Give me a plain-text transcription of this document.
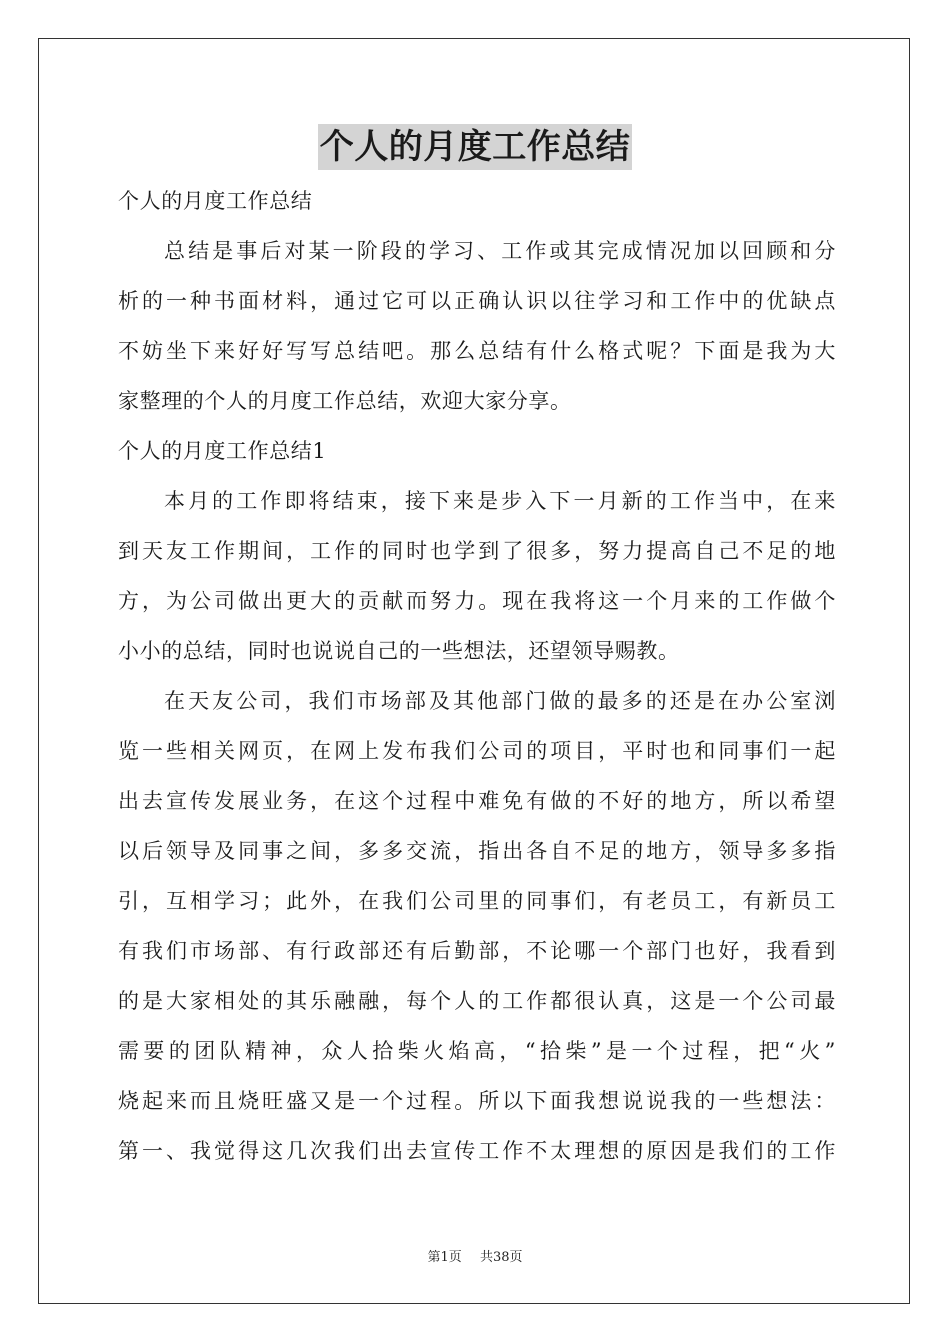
个人的月度工作总结
个人的月度工作总结
总结是事后对某一阶段的学习、工作或其完成情况加以回顾和分
析的一种书面材料，通过它可以正确认识以往学习和工作中的优缺点
不妨坐下来好好写写总结吧。那么总结有什么格式呢？下面是我为大
家整理的个人的月度工作总结，欢迎大家分享。
个人的月度工作总结1
本月的工作即将结束，接下来是步入下一月新的工作当中，在来
到天友工作期间，工作的同时也学到了很多，努力提高自己不足的地
方，为公司做出更大的贡献而努力。现在我将这一个月来的工作做个
小小的总结，同时也说说自己的一些想法，还望领导赐教。
在天友公司，我们市场部及其他部门做的最多的还是在办公室浏
览一些相关网页，在网上发布我们公司的项目，平时也和同事们一起
出去宣传发展业务，在这个过程中难免有做的不好的地方，所以希望
以后领导及同事之间，多多交流，指出各自不足的地方，领导多多指
引，互相学习；此外，在我们公司里的同事们，有老员工，有新员工
有我们市场部、有行政部还有后勤部，不论哪一个部门也好，我看到
的是大家相处的其乐融融，每个人的工作都很认真，这是一个公司最
需要的团队精神，众人拾柴火焰高，“拾柴”是一个过程，把“火”
烧起来而且烧旺盛又是一个过程。所以下面我想说说我的一些想法：
第一、我觉得这几次我们出去宣传工作不太理想的原因是我们的工作
第1页 共38页
